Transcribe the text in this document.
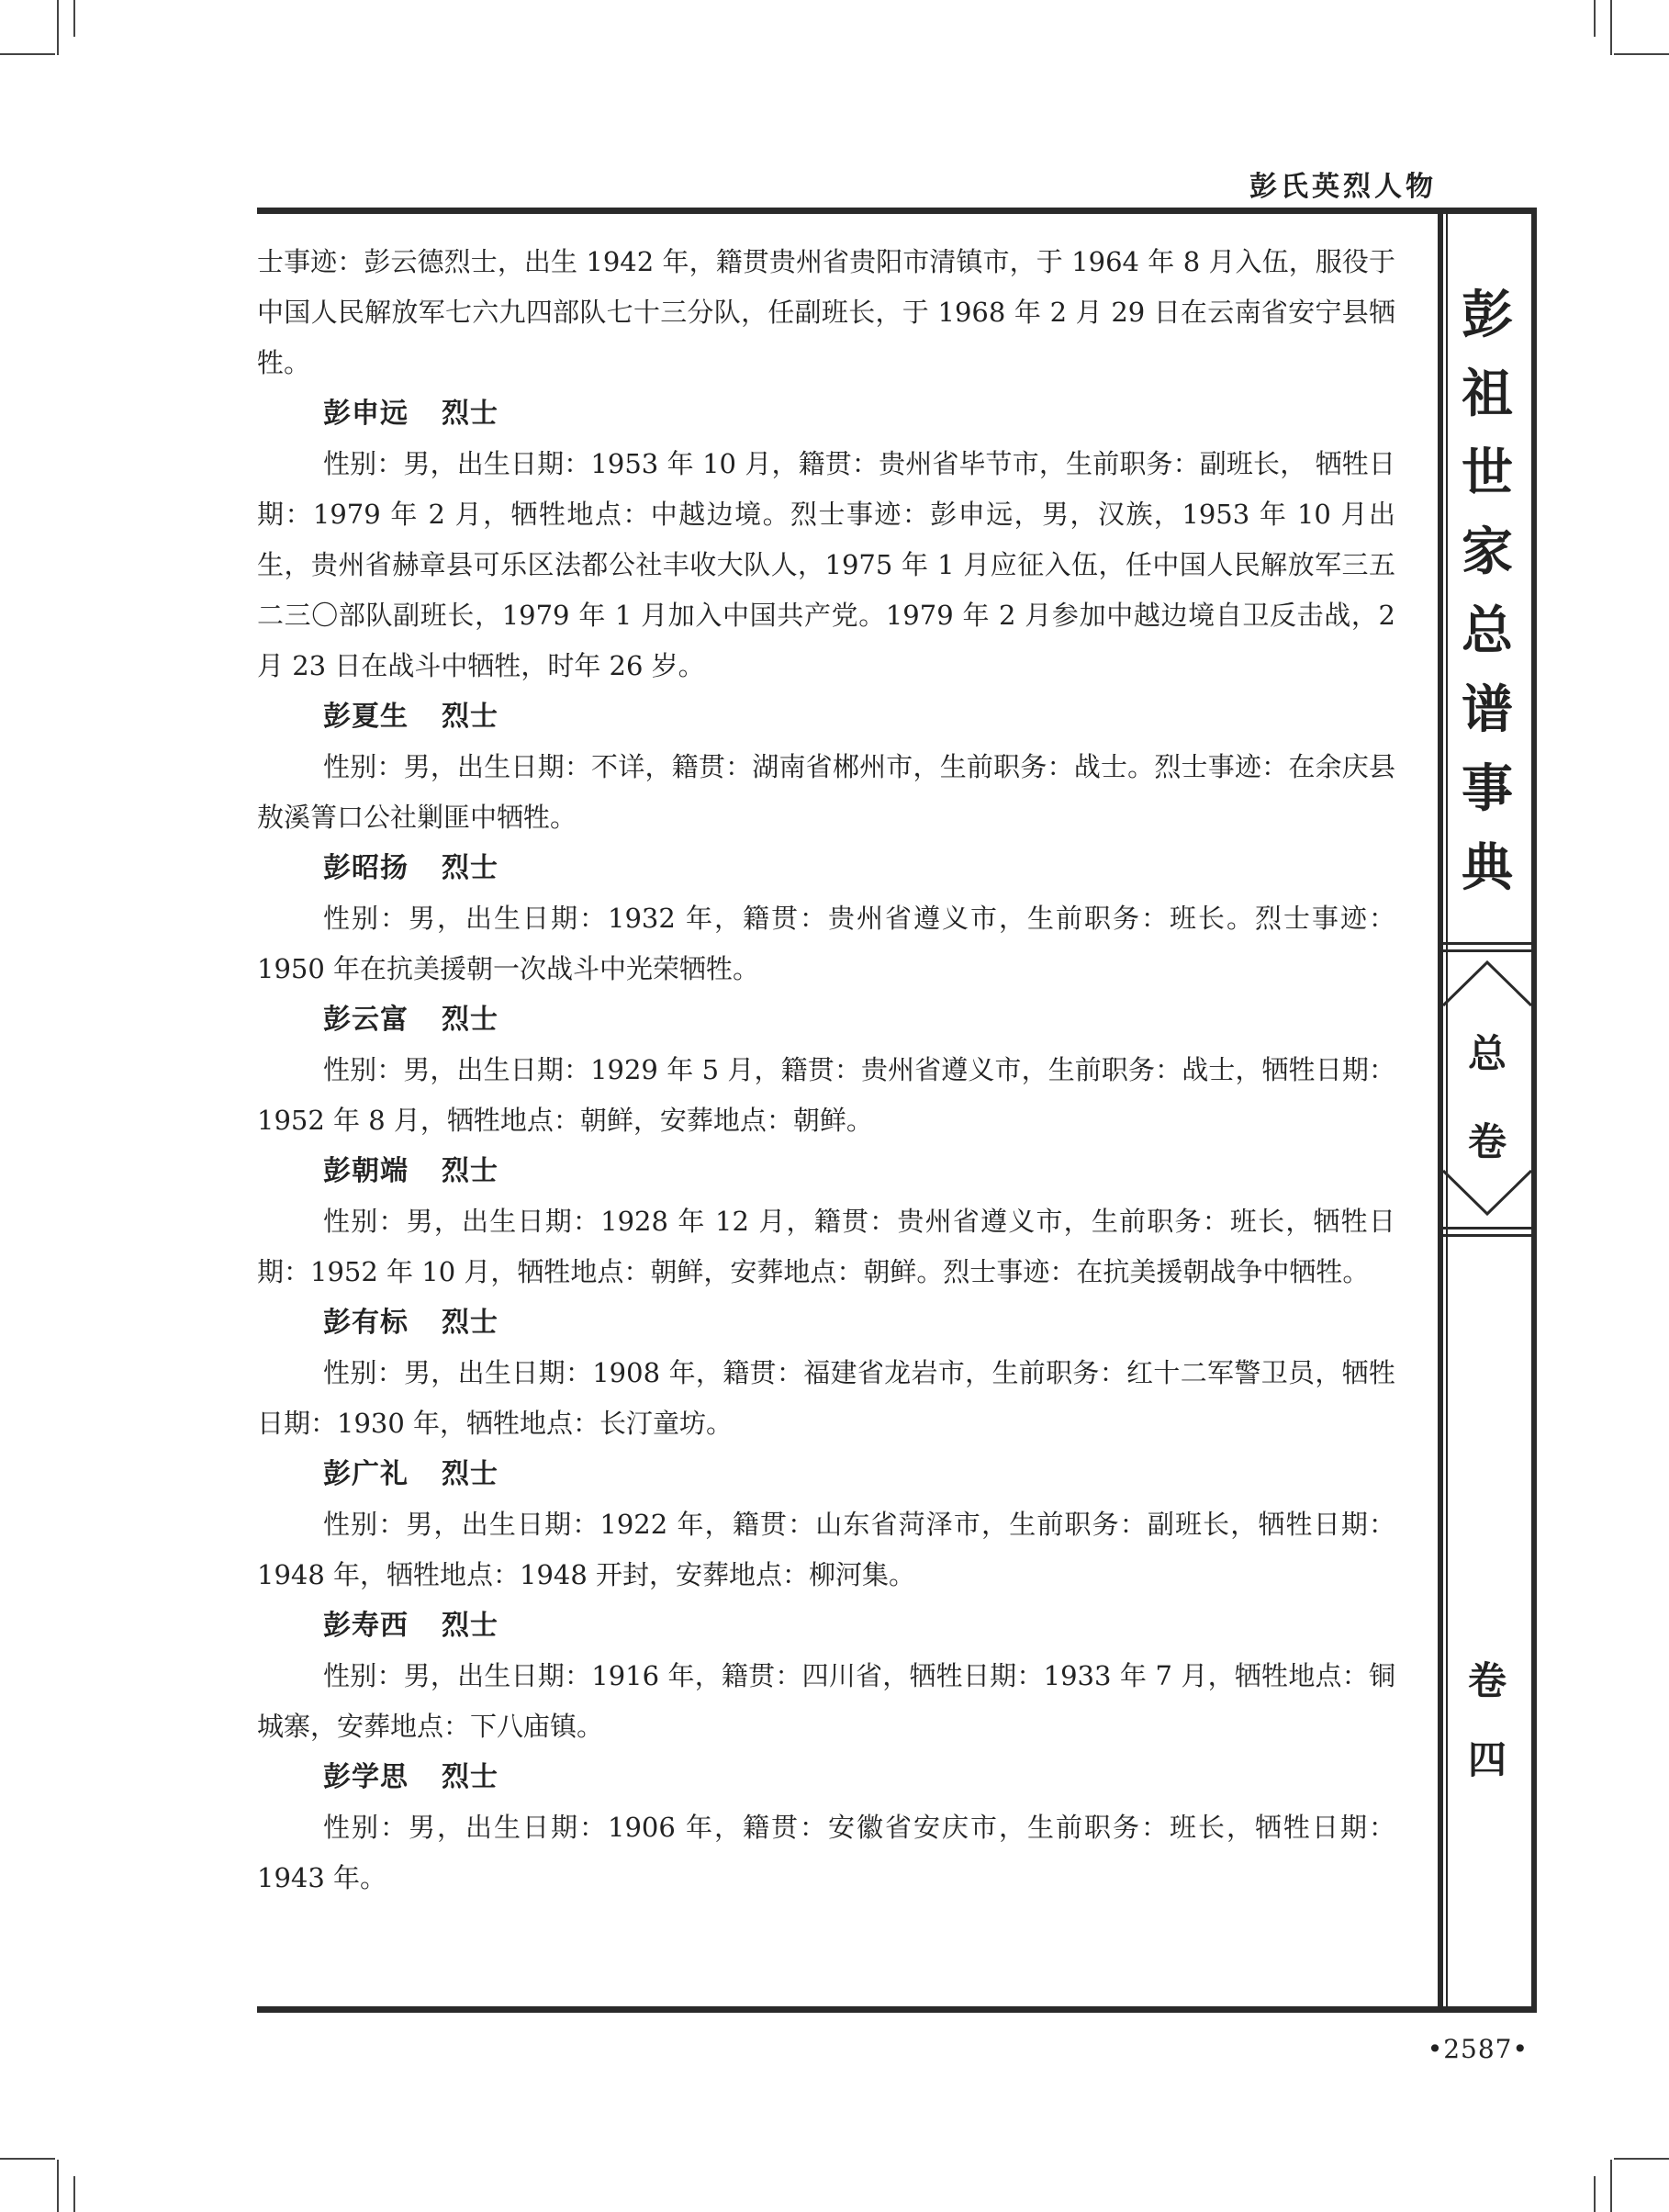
彭氏英烈人物

士事迹：彭云德烈士，出生 1942 年，籍贯贵州省贵阳市清镇市，于 1964 年 8 月入伍，服役于中国人民解放军七六九四部队七十三分队，任副班长，于 1968 年 2 月 29 日在云南省安宁县牺牲。

彭申远 烈士

性别：男，出生日期：1953 年 10 月，籍贯：贵州省毕节市，生前职务：副班长， 牺牲日期：1979 年 2 月，牺牲地点：中越边境。烈士事迹：彭申远，男，汉族，1953 年 10 月出生，贵州省赫章县可乐区法都公社丰收大队人，1975 年 1 月应征入伍，任中国人民解放军三五二三〇部队副班长，1979 年 1 月加入中国共产党。1979 年 2 月参加中越边境自卫反击战，2 月 23 日在战斗中牺牲，时年 26 岁。

彭夏生 烈士

性别：男，出生日期：不详，籍贯：湖南省郴州市，生前职务：战士。烈士事迹：在余庆县敖溪箐口公社剿匪中牺牲。

彭昭扬 烈士

性别：男，出生日期：1932 年，籍贯：贵州省遵义市，生前职务：班长。烈士事迹：1950 年在抗美援朝一次战斗中光荣牺牲。

彭云富 烈士

性别：男，出生日期：1929 年 5 月，籍贯：贵州省遵义市，生前职务：战士，牺牲日期：1952 年 8 月，牺牲地点：朝鲜，安葬地点：朝鲜。

彭朝端 烈士

性别：男，出生日期：1928 年 12 月，籍贯：贵州省遵义市，生前职务：班长，牺牲日期：1952 年 10 月，牺牲地点：朝鲜，安葬地点：朝鲜。烈士事迹：在抗美援朝战争中牺牲。

彭有标 烈士

性别：男，出生日期：1908 年，籍贯：福建省龙岩市，生前职务：红十二军警卫员，牺牲日期：1930 年，牺牲地点：长汀童坊。

彭广礼 烈士

性别：男，出生日期：1922 年，籍贯：山东省菏泽市，生前职务：副班长，牺牲日期：1948 年，牺牲地点：1948 开封，安葬地点：柳河集。

彭寿西 烈士

性别：男，出生日期：1916 年，籍贯：四川省，牺牲日期：1933 年 7 月，牺牲地点：铜城寨，安葬地点：下八庙镇。

彭学思 烈士

性别：男，出生日期：1906 年，籍贯：安徽省安庆市，生前职务：班长，牺牲日期：1943 年。

彭
祖
世
家
总
谱
事
典
总
卷
卷
四
•2587•
